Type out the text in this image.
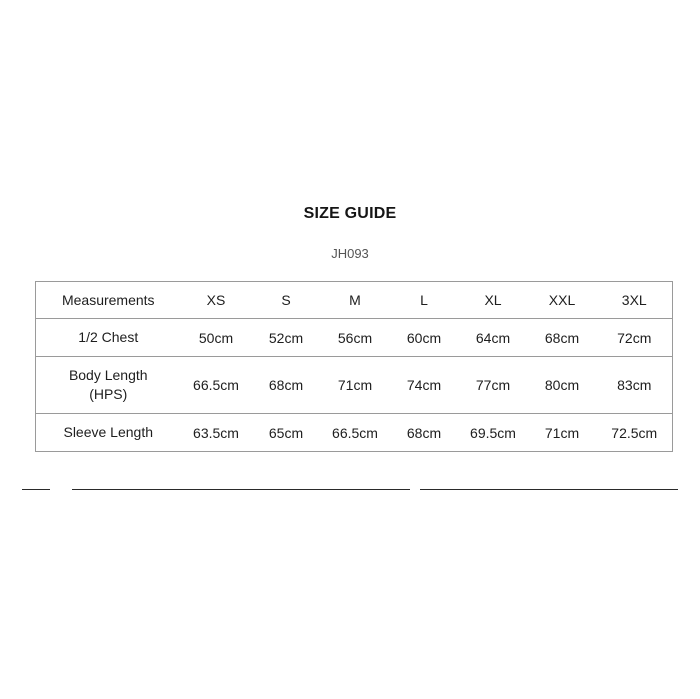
SIZE GUIDE
JH093
Measurements	XS	S	M	L	XL	XXL	3XL
1/2 Chest	50cm	52cm	56cm	60cm	64cm	68cm	72cm
Body Length
(HPS)	66.5cm	68cm	71cm	74cm	77cm	80cm	83cm
Sleeve Length	63.5cm	65cm	66.5cm	68cm	69.5cm	71cm	72.5cm
